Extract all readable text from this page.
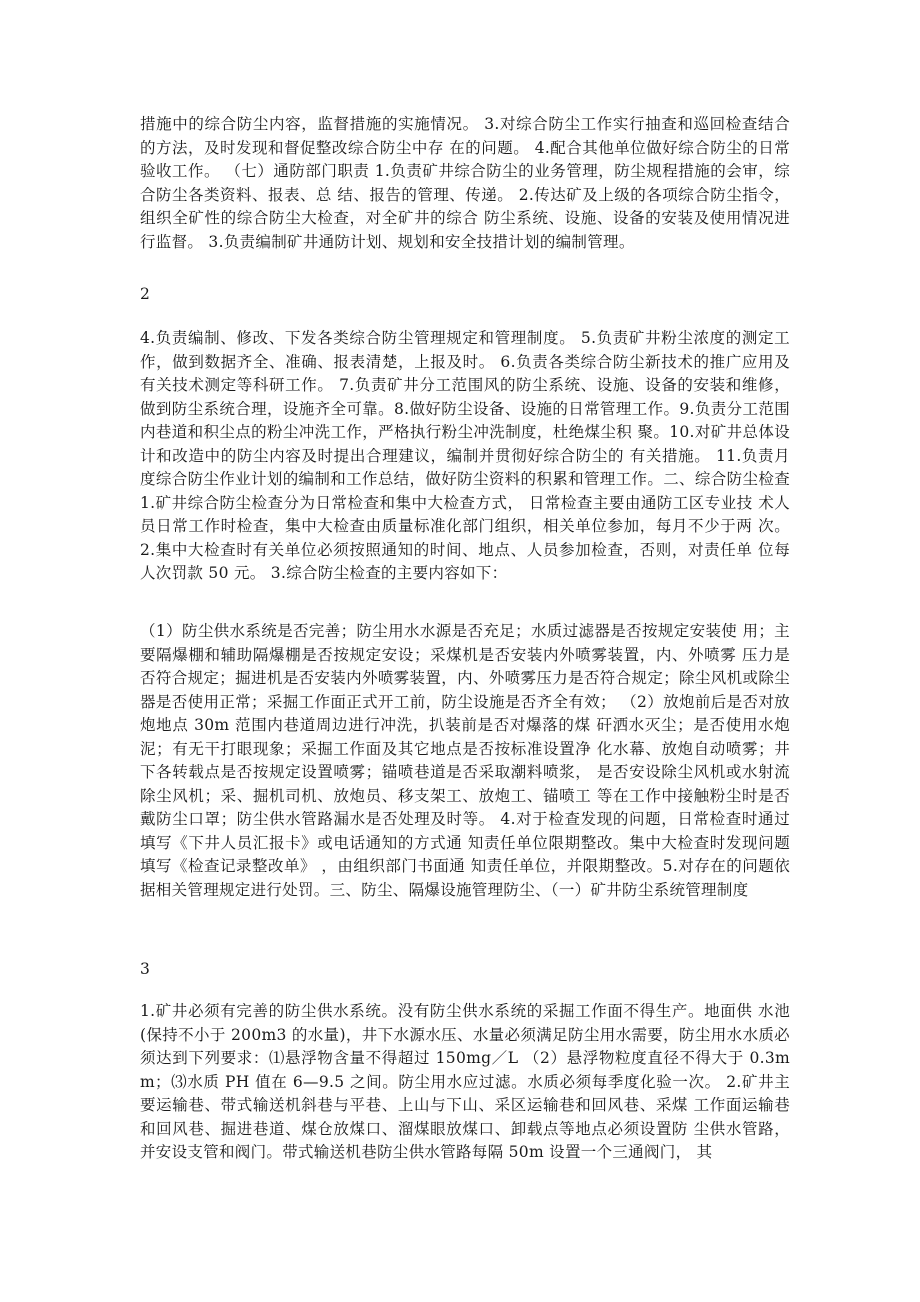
措施中的综合防尘内容，监督措施的实施情况。 3.对综合防尘工作实行抽查和巡回检查结合的方法，及时发现和督促整改综合防尘中存 在的问题。 4.配合其他单位做好综合防尘的日常验收工作。 （七）通防部门职责 1.负责矿井综合防尘的业务管理，防尘规程措施的会审，综合防尘各类资料、报表、总 结、报告的管理、传递。 2.传达矿及上级的各项综合防尘指令，组织全矿性的综合防尘大检查，对全矿井的综合 防尘系统、设施、设备的安装及使用情况进行监督。 3.负责编制矿井通防计划、规划和安全技措计划的编制管理。

2

4.负责编制、修改、下发各类综合防尘管理规定和管理制度。 5.负责矿井粉尘浓度的测定工作，做到数据齐全、准确、报表清楚，上报及时。 6.负责各类综合防尘新技术的推广应用及有关技术测定等科研工作。 7.负责矿井分工范围风的防尘系统、设施、设备的安装和维修，做到防尘系统合理，设施齐全可靠。8.做好防尘设备、设施的日常管理工作。9.负责分工范围内巷道和积尘点的粉尘冲洗工作，严格执行粉尘冲洗制度，杜绝煤尘积 聚。10.对矿井总体设计和改造中的防尘内容及时提出合理建议，编制并贯彻好综合防尘的 有关措施。 11.负责月度综合防尘作业计划的编制和工作总结，做好防尘资料的积累和管理工作。二、综合防尘检查 1.矿井综合防尘检查分为日常检查和集中大检查方式， 日常检查主要由通防工区专业技 术人员日常工作时检查，集中大检查由质量标准化部门组织，相关单位参加，每月不少于两 次。 2.集中大检查时有关单位必须按照通知的时间、地点、人员参加检查，否则，对责任单 位每人次罚款 50 元。 3.综合防尘检查的主要内容如下：

（1）防尘供水系统是否完善；防尘用水水源是否充足；水质过滤器是否按规定安装使 用；主要隔爆棚和辅助隔爆棚是否按规定安设；采煤机是否安装内外喷雾装置，内、外喷雾 压力是否符合规定；掘进机是否安装内外喷雾装置，内、外喷雾压力是否符合规定；除尘风机或除尘器是否使用正常；采掘工作面正式开工前，防尘设施是否齐全有效； （2）放炮前后是否对放炮地点 30m 范围内巷道周边进行冲洗，扒装前是否对爆落的煤 矸洒水灭尘；是否使用水炮泥；有无干打眼现象；采掘工作面及其它地点是否按标准设置净 化水幕、放炮自动喷雾；井下各转载点是否按规定设置喷雾；锚喷巷道是否采取潮料喷浆， 是否安设除尘风机或水射流除尘风机；采、掘机司机、放炮员、移支架工、放炮工、锚喷工 等在工作中接触粉尘时是否戴防尘口罩；防尘供水管路漏水是否处理及时等。 4.对于检查发现的问题，日常检查时通过填写《下井人员汇报卡》或电话通知的方式通 知责任单位限期整改。集中大检查时发现问题填写《检查记录整改单》 ，由组织部门书面通 知责任单位，并限期整改。5.对存在的问题依据相关管理规定进行处罚。三、防尘、隔爆设施管理防尘、（一）矿井防尘系统管理制度

3

1.矿井必须有完善的防尘供水系统。没有防尘供水系统的采掘工作面不得生产。地面供 水池(保持不小于 200m3 的水量)，井下水源水压、水量必须满足防尘用水需要，防尘用水水质必须达到下列要求：⑴悬浮物含量不得超过 150mg／L （2）悬浮物粒度直径不得大于 0.3mm；⑶水质 PH 值在 6—9.5 之间。防尘用水应过滤。水质必须每季度化验一次。 2.矿井主要运输巷、带式输送机斜巷与平巷、上山与下山、采区运输巷和回风巷、采煤 工作面运输巷和回风巷、掘进巷道、煤仓放煤口、溜煤眼放煤口、卸载点等地点必须设置防 尘供水管路，并安设支管和阀门。带式输送机巷防尘供水管路每隔 50m 设置一个三通阀门， 其
